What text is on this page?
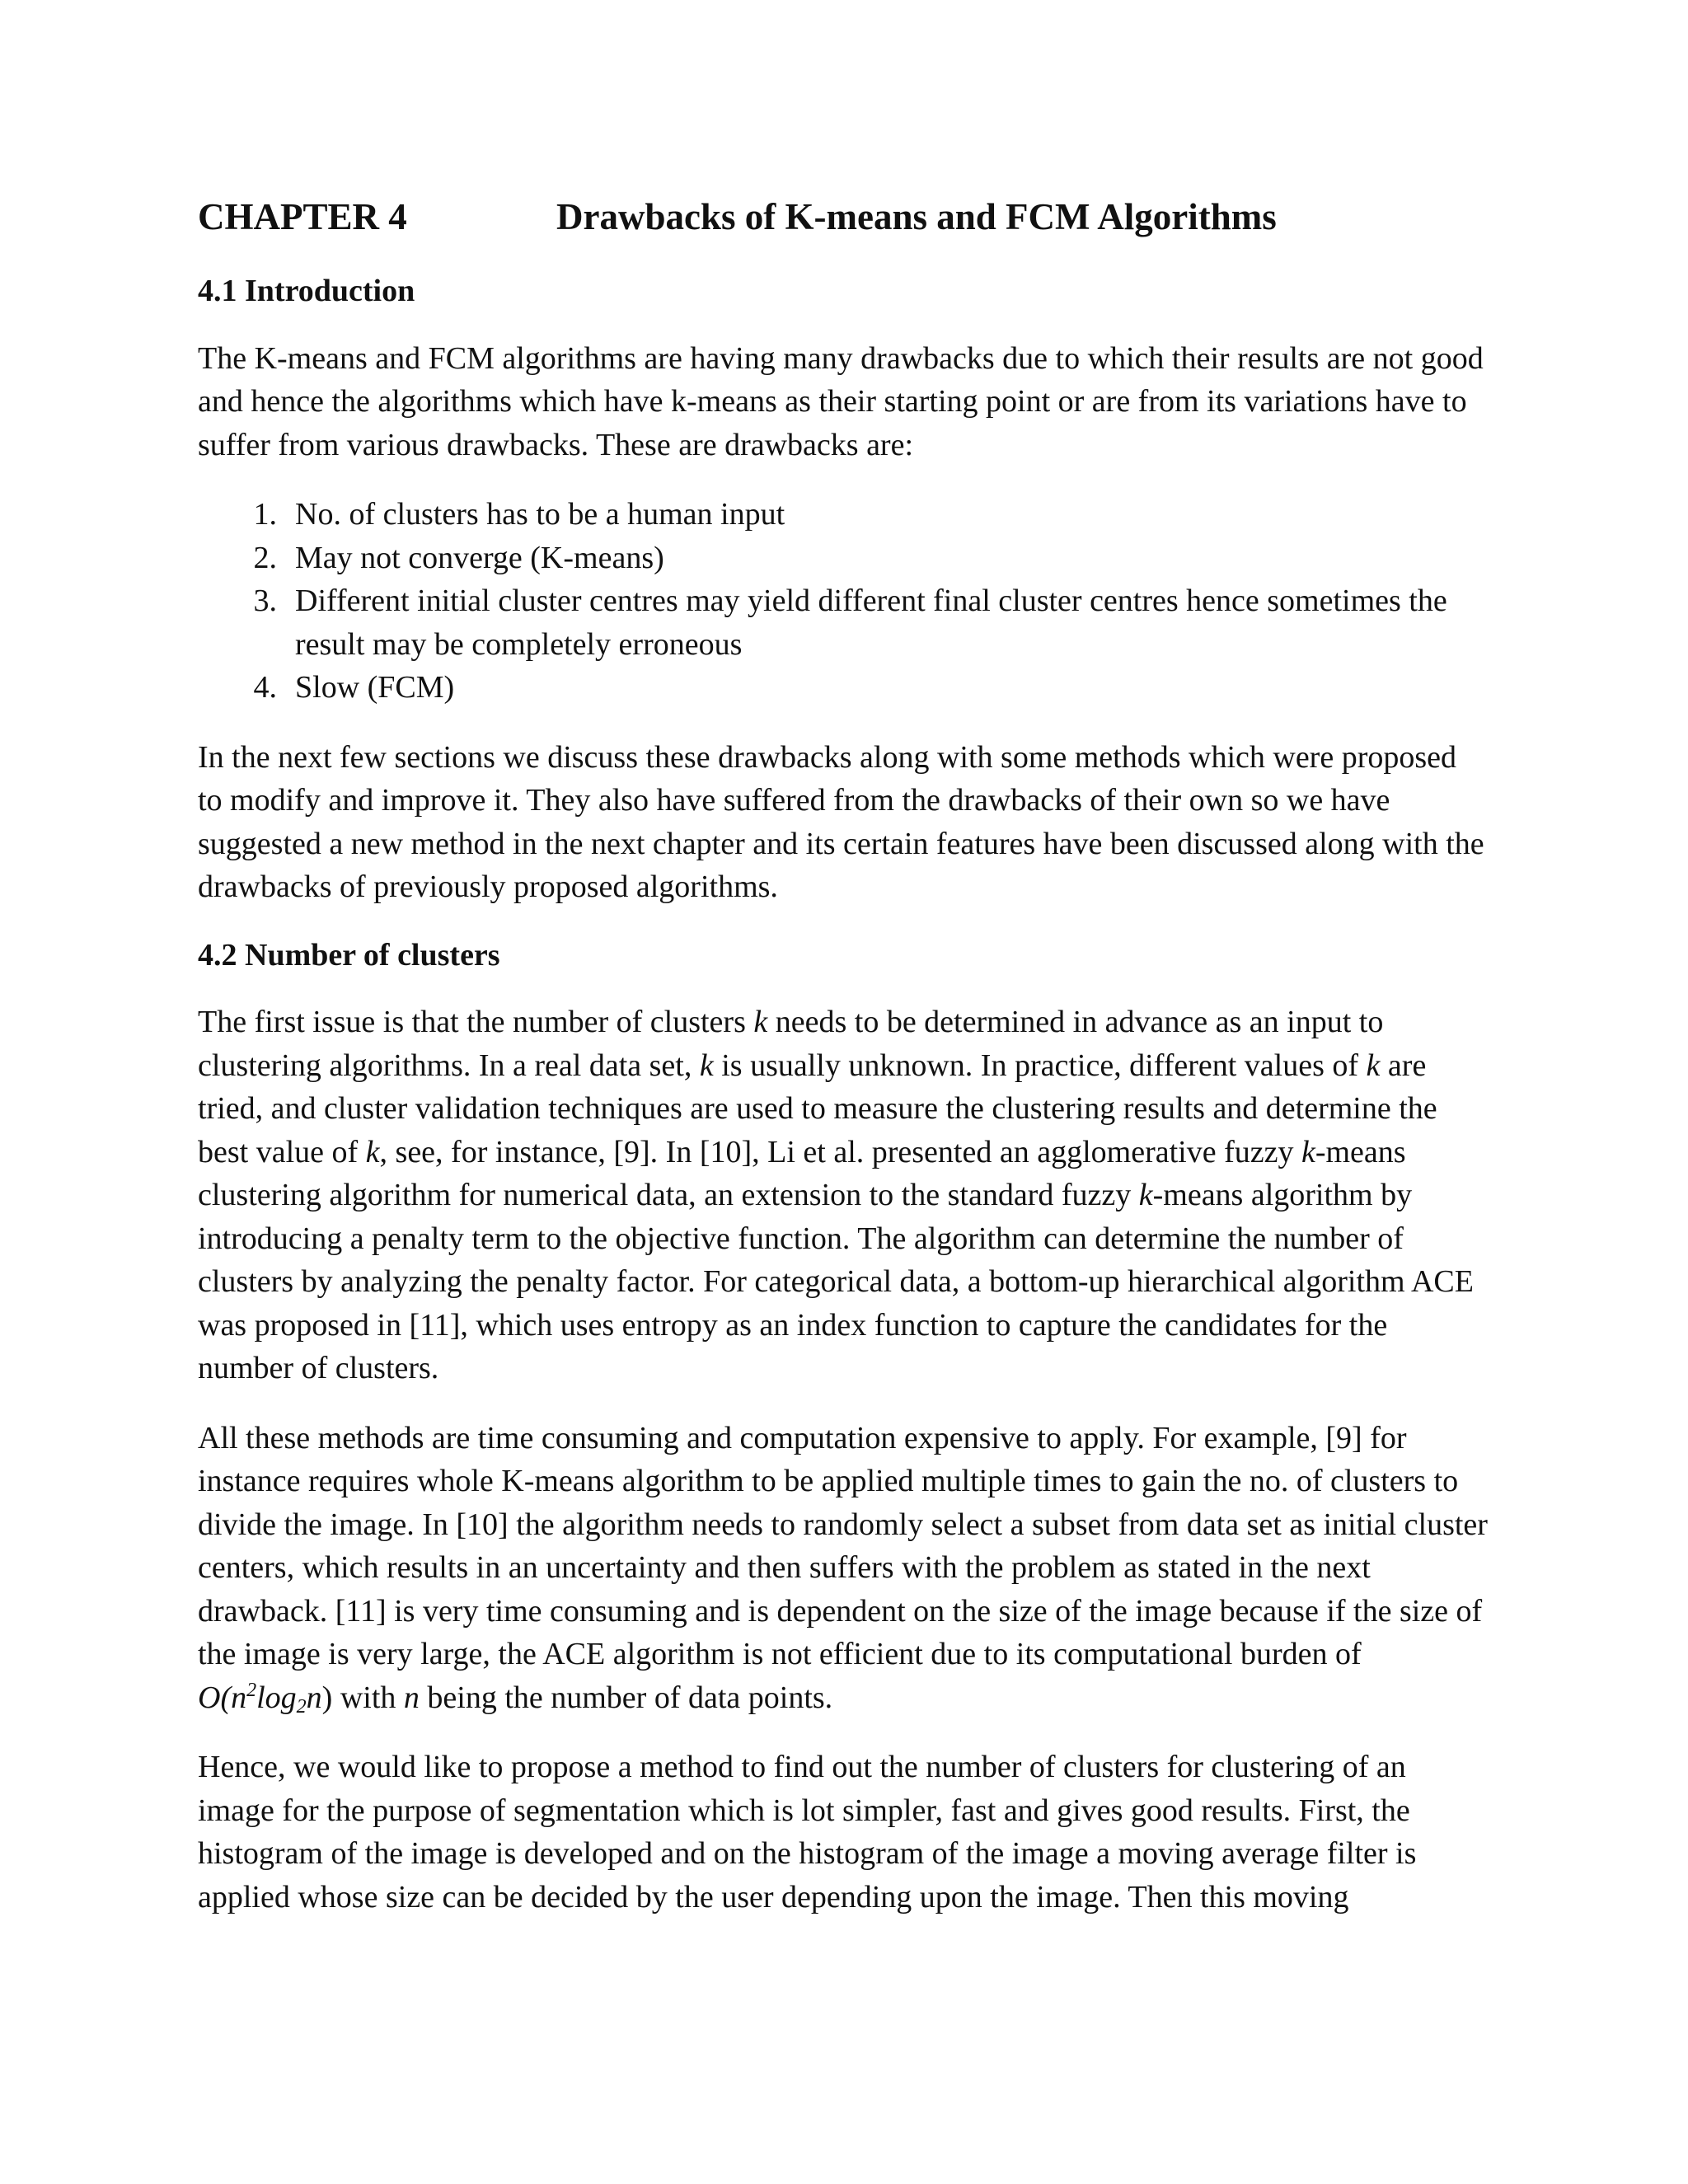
CHAPTER 4	Drawbacks of K-means and FCM Algorithms
4.1 Introduction

The K-means and FCM algorithms are having many drawbacks due to which their results are not good and hence the algorithms which have k-means as their starting point or are from its variations have to suffer from various drawbacks. These are drawbacks are:

1. No. of clusters has to be a human input
2. May not converge (K-means)
3. Different initial cluster centres may yield different final cluster centres hence sometimes the result may be completely erroneous
4. Slow (FCM)

In the next few sections we discuss these drawbacks along with some methods which were proposed to modify and improve it. They also have suffered from the drawbacks of their own so we have suggested a new method in the next chapter and its certain features have been discussed along with the drawbacks of previously proposed algorithms.

4.2 Number of clusters

The first issue is that the number of clusters k needs to be determined in advance as an input to clustering algorithms. In a real data set, k is usually unknown. In practice, different values of k are tried, and cluster validation techniques are used to measure the clustering results and determine the best value of k, see, for instance, [9]. In [10], Li et al. presented an agglomerative fuzzy k-means clustering algorithm for numerical data, an extension to the standard fuzzy k-means algorithm by introducing a penalty term to the objective function. The algorithm can determine the number of clusters by analyzing the penalty factor. For categorical data, a bottom-up hierarchical algorithm ACE was proposed in [11], which uses entropy as an index function to capture the candidates for the number of clusters.

All these methods are time consuming and computation expensive to apply. For example, [9] for instance requires whole K-means algorithm to be applied multiple times to gain the no. of clusters to divide the image. In [10] the algorithm needs to randomly select a subset from data set as initial cluster centers, which results in an uncertainty and then suffers with the problem as stated in the next drawback. [11] is very time consuming and is dependent on the size of the image because if the size of the image is very large, the ACE algorithm is not efficient due to its computational burden of $O(n^2\log_2n)$ with n being the number of data points.

Hence, we would like to propose a method to find out the number of clusters for clustering of an image for the purpose of segmentation which is lot simpler, fast and gives good results. First, the histogram of the image is developed and on the histogram of the image a moving average filter is applied whose size can be decided by the user depending upon the image. Then this moving
